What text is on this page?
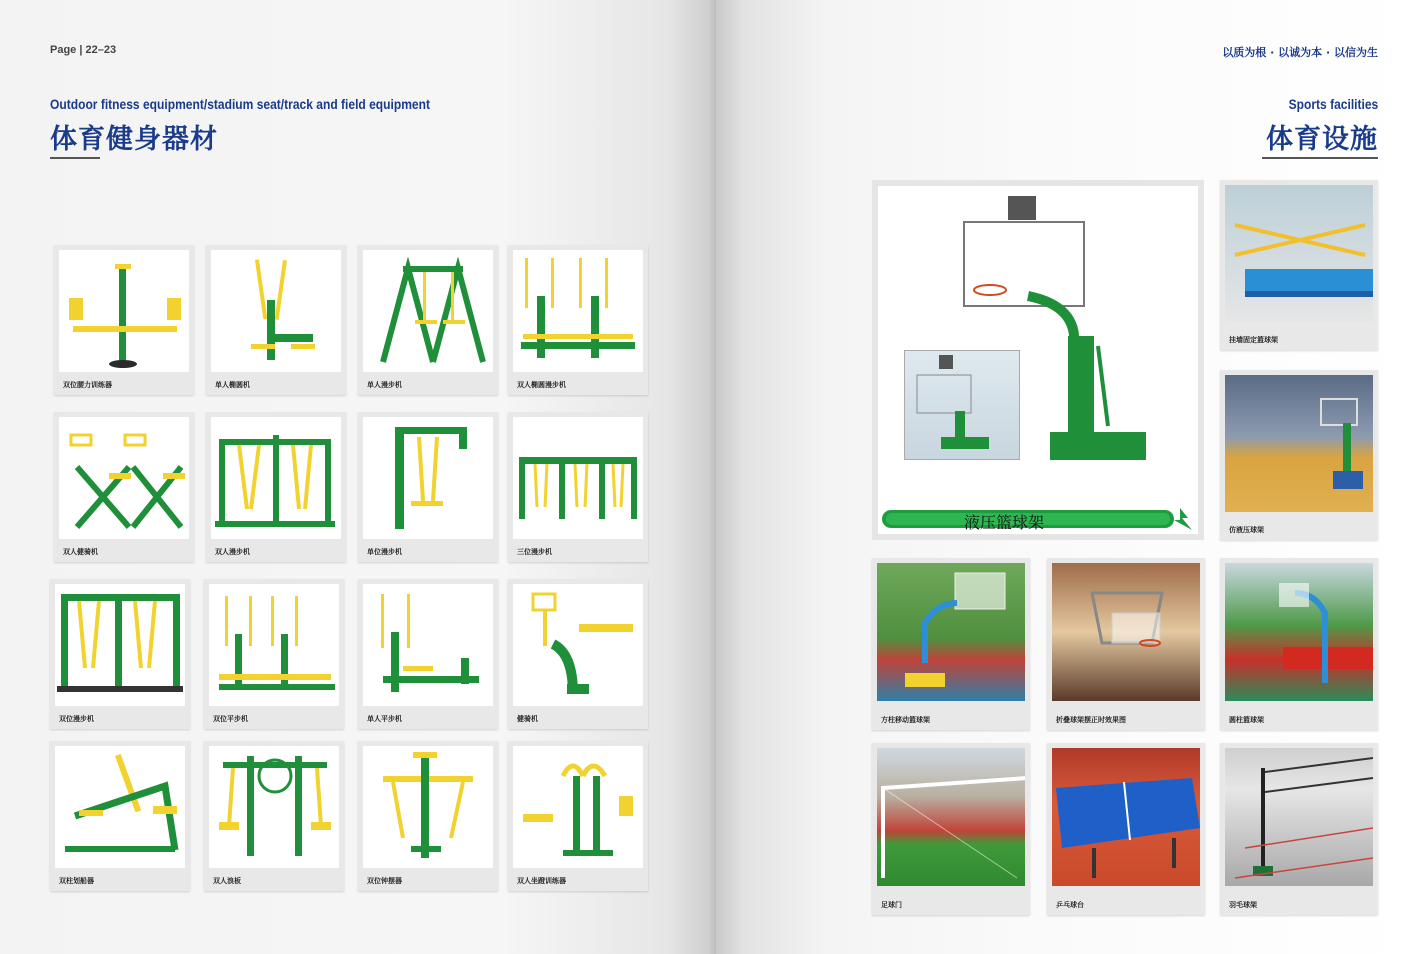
Page | 22–23
Outdoor fitness equipment/stadium seat/track and field equipment
体育健身器材
以质为根 · 以诚为本 · 以信为生
Sports facilities
体育设施
双位腰力训练器	单人椭圆机	单人漫步机	双人椭圆漫步机
双人健骑机	双人漫步机	单位漫步机	三位漫步机
双位漫步机	双位平步机	单人平步机	健骑机
双柱划船器	双人浪板	双位钟摆器	双人坐蹬训练器
液压篮球架
挂墙固定篮球架
仿液压球架
方柱移动篮球架	折叠球架摆正时效果图	圆柱篮球架
足球门	乒乓球台	羽毛球架
